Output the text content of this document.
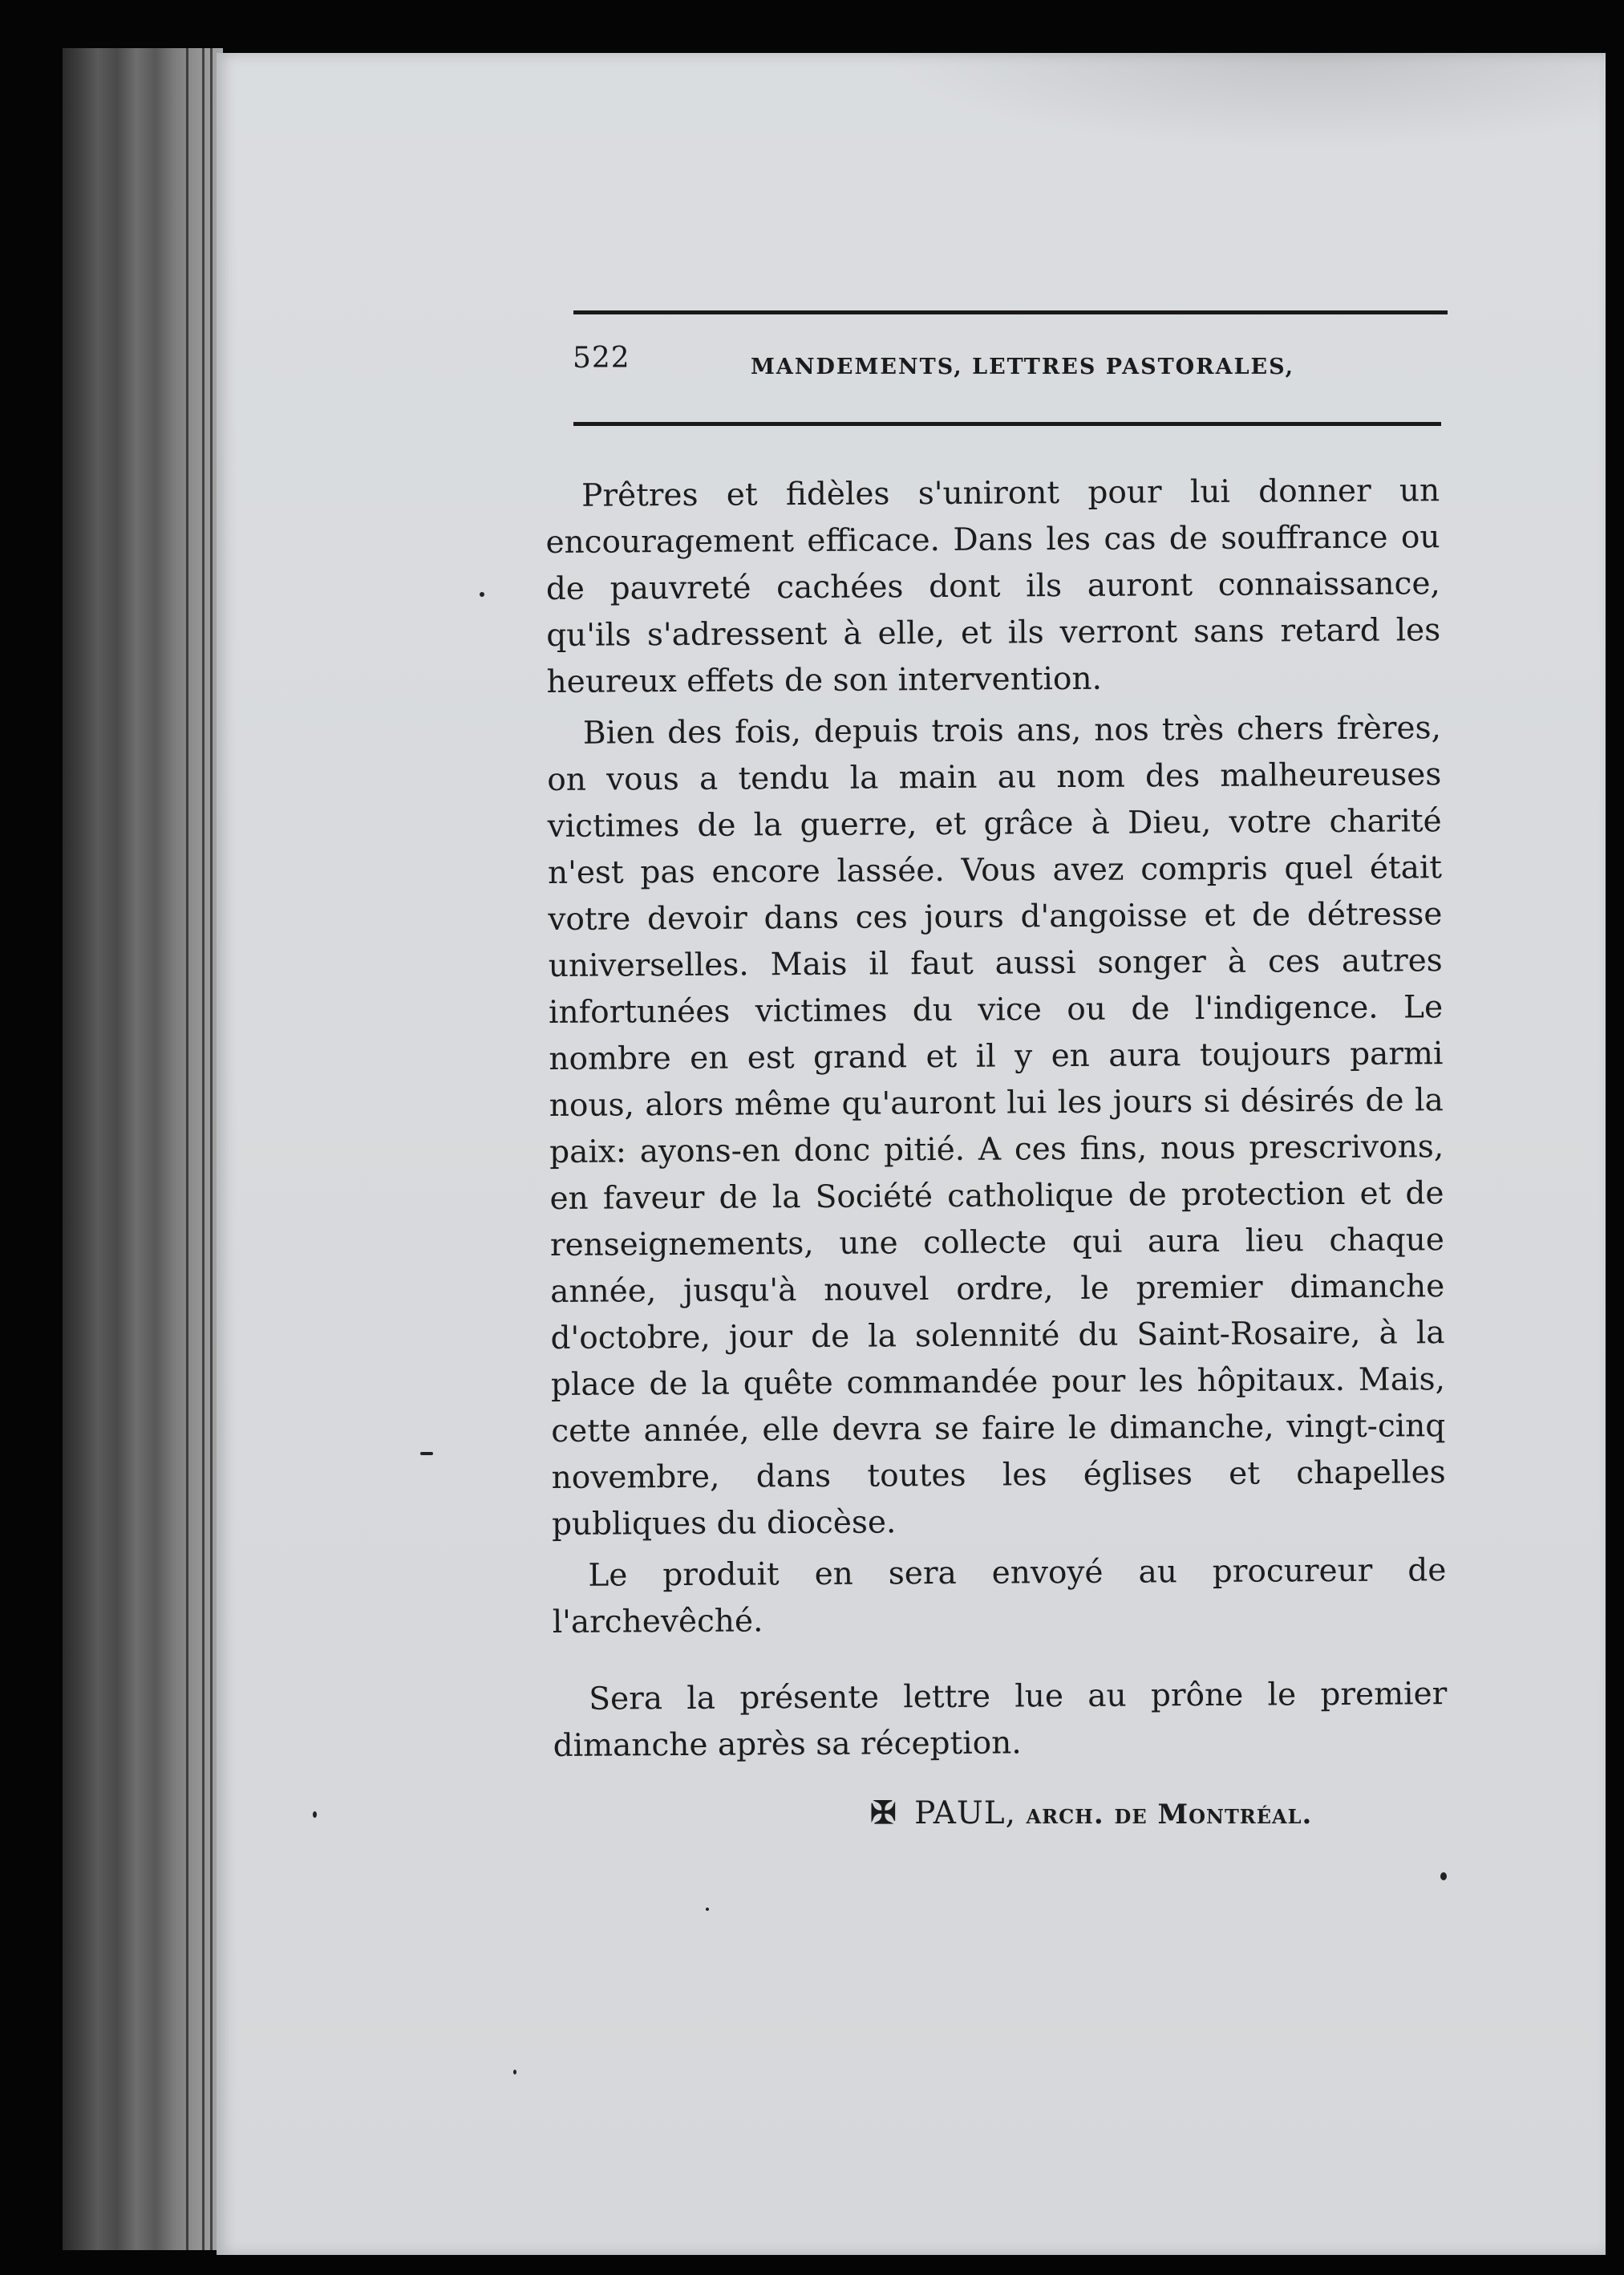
522	MANDEMENTS, LETTRES PASTORALES,

Prêtres et fidèles s'uniront pour lui donner un encouragement efficace. Dans les cas de souffrance ou de pauvreté cachées dont ils auront connaissance, qu'ils s'adressent à elle, et ils verront sans retard les heureux effets de son intervention.

Bien des fois, depuis trois ans, nos très chers frères, on vous a tendu la main au nom des malheureuses victimes de la guerre, et grâce à Dieu, votre charité n'est pas encore lassée. Vous avez compris quel était votre devoir dans ces jours d'angoisse et de détresse universelles. Mais il faut aussi songer à ces autres infortunées victimes du vice ou de l'indigence. Le nombre en est grand et il y en aura toujours parmi nous, alors même qu'auront lui les jours si désirés de la paix: ayons-en donc pitié. A ces fins, nous prescrivons, en faveur de la Société catholique de protection et de renseignements, une collecte qui aura lieu chaque année, jusqu'à nouvel ordre, le premier dimanche d'octobre, jour de la solennité du Saint-Rosaire, à la place de la quête commandée pour les hôpitaux. Mais, cette année, elle devra se faire le dimanche, vingt-cinq novembre, dans toutes les églises et chapelles publiques du diocèse.

Le produit en sera envoyé au procureur de l'archevêché.

Sera la présente lettre lue au prône le premier dimanche après sa réception.

✠ PAUL, arch. de Montréal.
